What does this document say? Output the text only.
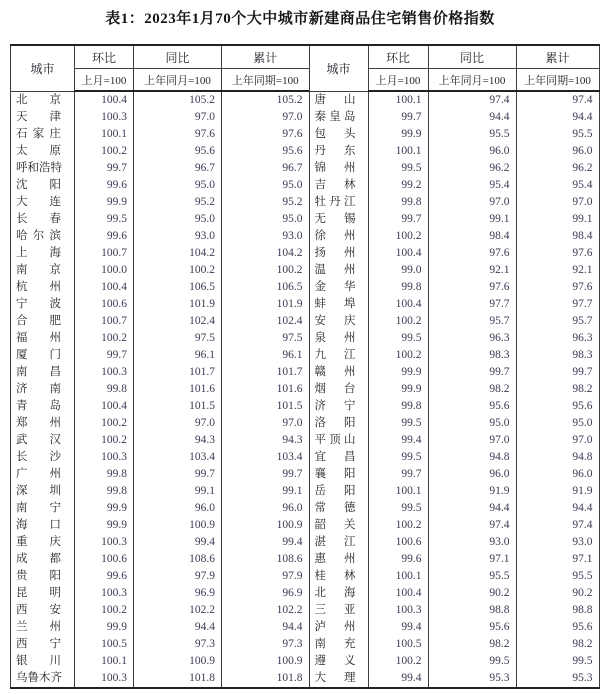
表1：2023年1月70个大中城市新建商品住宅销售价格指数
城市	环比	同比	累计
	上月=100	上年同月=100	上年同期=100
北京	100.4	105.2	105.2
天津	100.3	97.0	97.0
石家庄	100.1	97.6	97.6
太原	100.2	95.6	95.6
呼和浩特	99.7	96.7	96.7
沈阳	99.6	95.0	95.0
大连	99.9	95.2	95.2
长春	99.5	95.0	95.0
哈尔滨	99.6	93.0	93.0
上海	100.7	104.2	104.2
南京	100.0	100.2	100.2
杭州	100.4	106.5	106.5
宁波	100.6	101.9	101.9
合肥	100.7	102.4	102.4
福州	100.2	97.5	97.5
厦门	99.7	96.1	96.1
南昌	100.3	101.7	101.7
济南	99.8	101.6	101.6
青岛	100.4	101.5	101.5
郑州	100.2	97.0	97.0
武汉	100.2	94.3	94.3
长沙	100.3	103.4	103.4
广州	99.8	99.7	99.7
深圳	99.8	99.1	99.1
南宁	99.9	96.0	96.0
海口	99.9	100.9	100.9
重庆	100.3	99.4	99.4
成都	100.6	108.6	108.6
贵阳	99.6	97.9	97.9
昆明	100.3	96.9	96.9
西安	100.2	102.2	102.2
兰州	99.9	94.4	94.4
西宁	100.5	97.3	97.3
银川	100.1	100.9	100.9
乌鲁木齐	100.3	101.8	101.8
城市	环比	同比	累计
	上月=100	上年同月=100	上年同期=100
唐山	100.1	97.4	97.4
秦皇岛	99.7	94.4	94.4
包头	99.9	95.5	95.5
丹东	100.1	96.0	96.0
锦州	99.5	96.2	96.2
吉林	99.2	95.4	95.4
牡丹江	99.8	97.0	97.0
无锡	99.7	99.1	99.1
徐州	100.2	98.4	98.4
扬州	100.4	97.6	97.6
温州	99.0	92.1	92.1
金华	99.8	97.6	97.6
蚌埠	100.4	97.7	97.7
安庆	100.2	95.7	95.7
泉州	99.5	96.3	96.3
九江	100.2	98.3	98.3
赣州	99.9	99.7	99.7
烟台	99.9	98.2	98.2
济宁	99.8	95.6	95.6
洛阳	99.5	95.0	95.0
平顶山	99.4	97.0	97.0
宜昌	99.5	94.8	94.8
襄阳	99.7	96.0	96.0
岳阳	100.1	91.9	91.9
常德	99.5	94.4	94.4
韶关	100.2	97.4	97.4
湛江	100.6	93.0	93.0
惠州	99.6	97.1	97.1
桂林	100.1	95.5	95.5
北海	100.4	90.2	90.2
三亚	100.3	98.8	98.8
泸州	99.4	95.6	95.6
南充	100.5	98.2	98.2
遵义	100.2	99.5	99.5
大理	99.4	95.3	95.3
